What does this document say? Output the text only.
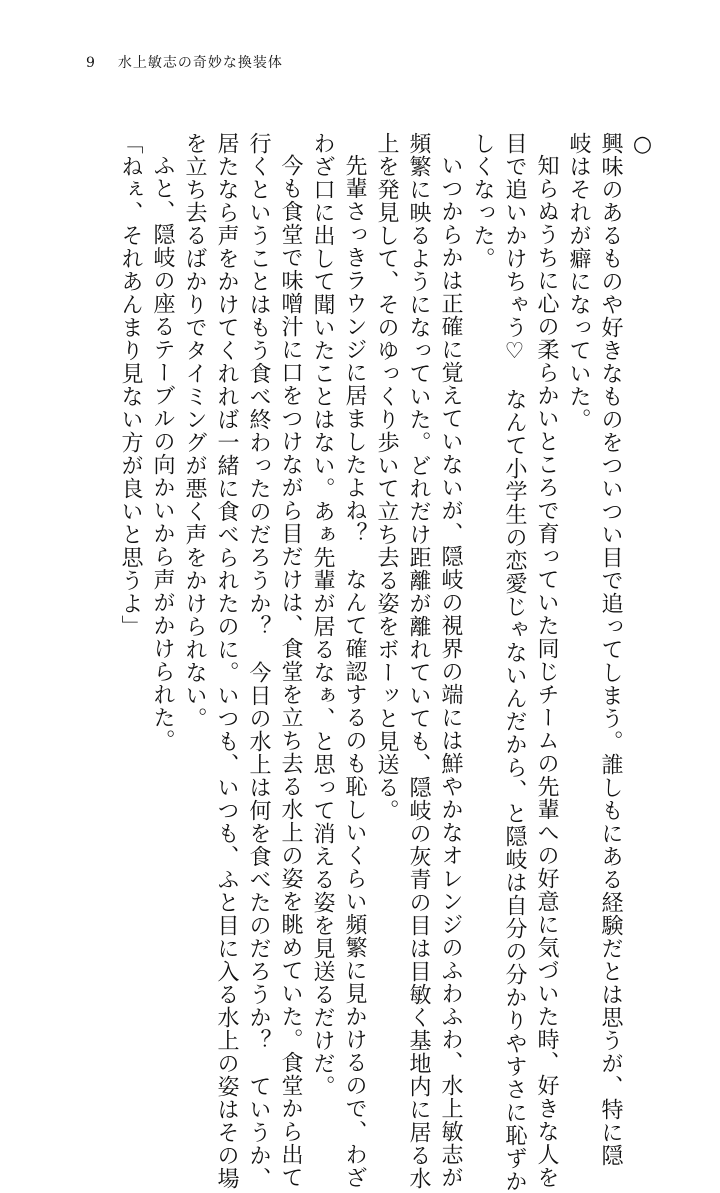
9 水上敏志の奇妙な換装体
○
興味のあるものや好きなものをついつい目で追ってしまう。誰しもにある経験だとは思うが、特に隠
岐はそれが癖になっていた。
知らぬうちに心の柔らかいところで育っていた同じチームの先輩への好意に気づいた時、好きな人を
目で追いかけちゃう♡　なんて小学生の恋愛じゃないんだから、と隠岐は自分の分かりやすさに恥ずか
しくなった。
いつからかは正確に覚えていないが、隠岐の視界の端には鮮やかなオレンジのふわふわ、水上敏志が
頻繁に映るようになっていた。どれだけ距離が離れていても、隠岐の灰青の目は目敏く基地内に居る水
上を発見して、そのゆっくり歩いて立ち去る姿をボーッと見送る。
先輩さっきラウンジに居ましたよね？　なんて確認するのも恥しいくらい頻繁に見かけるので、わざ
わざ口に出して聞いたことはない。あぁ先輩が居るなぁ、と思って消える姿を見送るだけだ。
今も食堂で味噌汁に口をつけながら目だけは、食堂を立ち去る水上の姿を眺めていた。食堂から出て
行くということはもう食べ終わったのだろうか？　今日の水上は何を食べたのだろうか？　ていうか、
居たなら声をかけてくれれば一緒に食べられたのに。いつも、いつも、ふと目に入る水上の姿はその場
を立ち去るばかりでタイミングが悪く声をかけられない。
ふと、隠岐の座るテーブルの向かいから声がかけられた。
「ねぇ、それあんまり見ない方が良いと思うよ」
